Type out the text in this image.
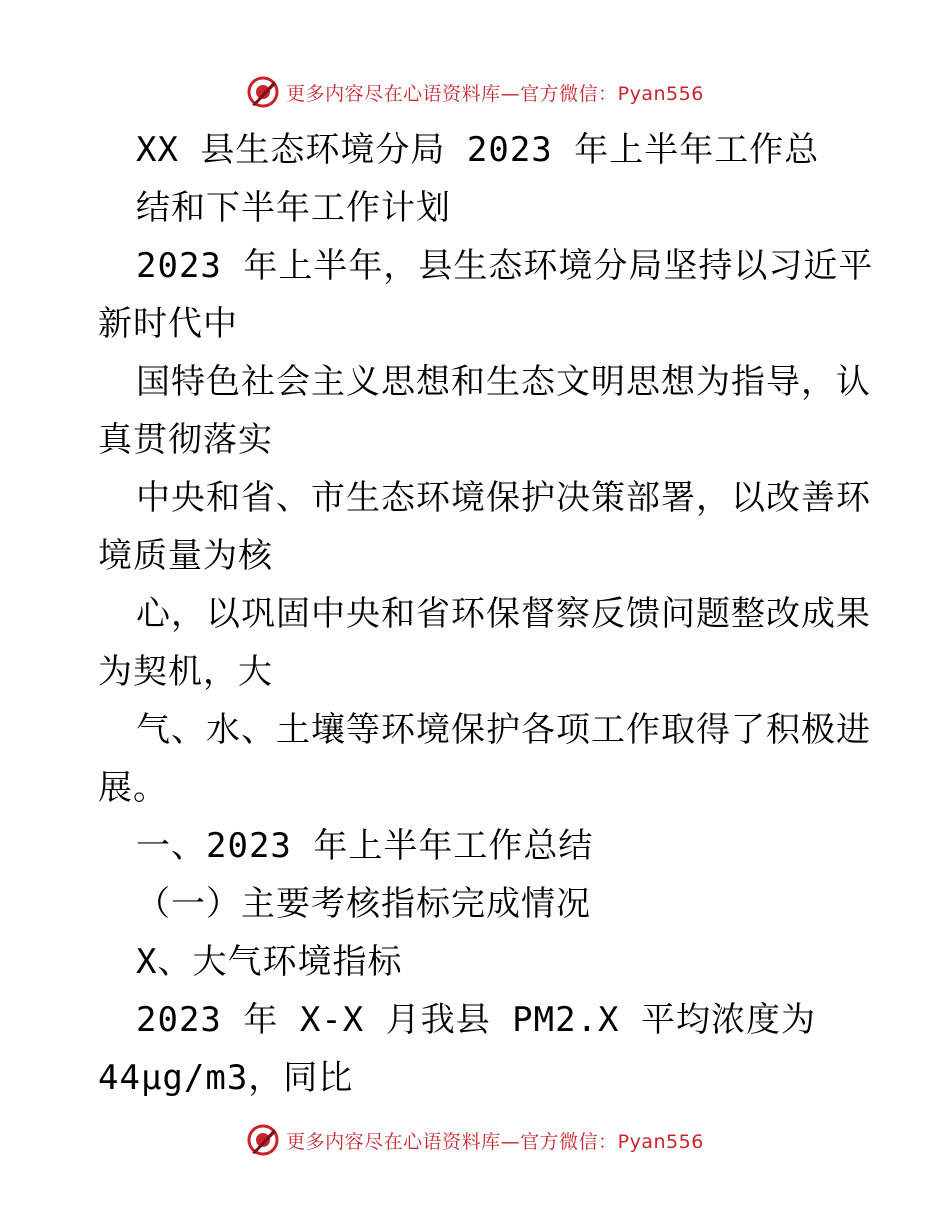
更多内容尽在心语资料库—官方微信：Pyan556
XX 县生态环境分局 2023 年上半年工作总
结和下半年工作计划
2023 年上半年，县生态环境分局坚持以习近平
新时代中
国特色社会主义思想和生态文明思想为指导，认
真贯彻落实
中央和省、市生态环境保护决策部署，以改善环
境质量为核
心，以巩固中央和省环保督察反馈问题整改成果
为契机，大
气、水、土壤等环境保护各项工作取得了积极进
展。
一、2023 年上半年工作总结
（一）主要考核指标完成情况
X、大气环境指标
2023 年 X-X 月我县 PM2.X 平均浓度为
44μg/m3，同比
更多内容尽在心语资料库—官方微信：Pyan556
